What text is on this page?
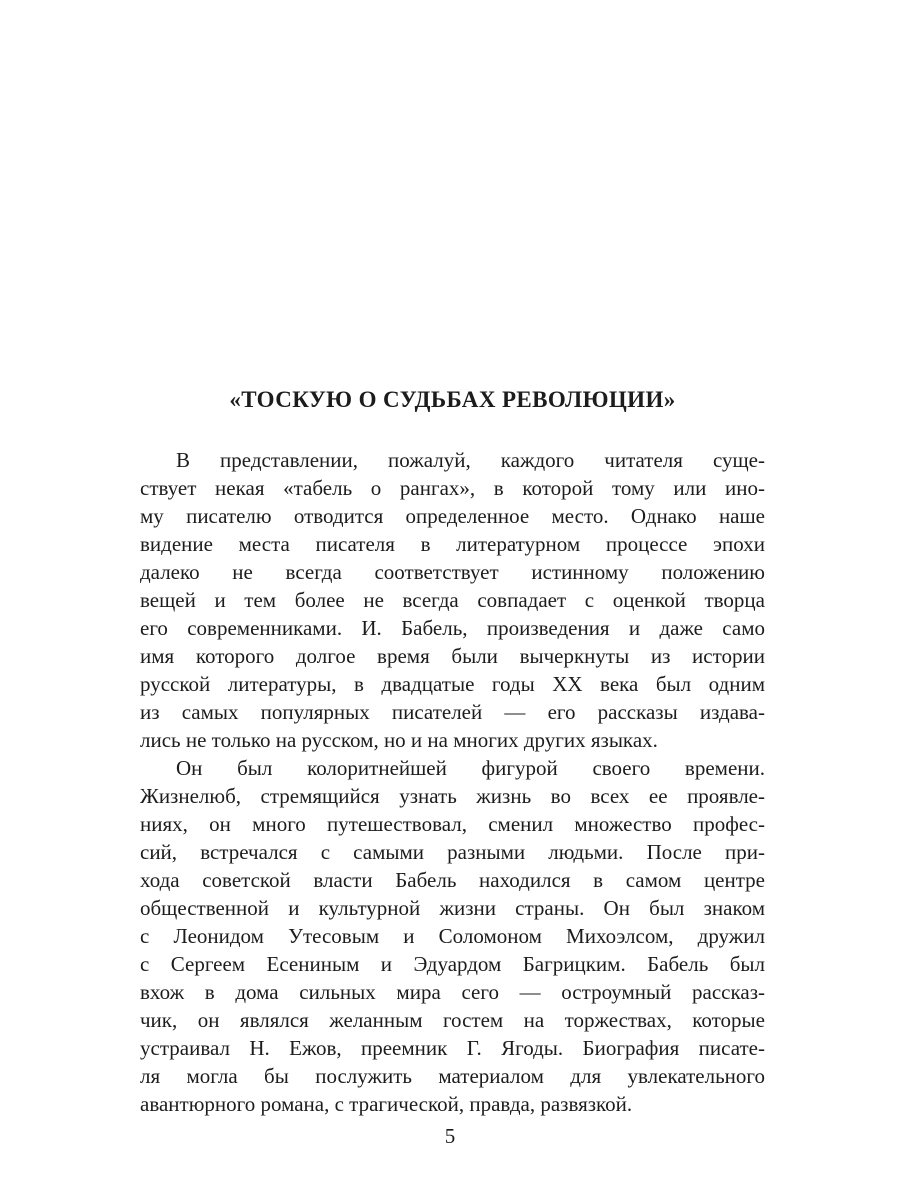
«ТОСКУЮ О СУДЬБАХ РЕВОЛЮЦИИ»
В представлении, пожалуй, каждого читателя суще-
ствует некая «табель о рангах», в которой тому или ино-
му писателю отводится определенное место. Однако наше
видение места писателя в литературном процессе эпохи
далеко не всегда соответствует истинному положению
вещей и тем более не всегда совпадает с оценкой творца
его современниками. И. Бабель, произведения и даже само
имя которого долгое время были вычеркнуты из истории
русской литературы, в двадцатые годы XX века был одним
из самых популярных писателей — его рассказы издава-
лись не только на русском, но и на многих других языках.
Он был колоритнейшей фигурой своего времени.
Жизнелюб, стремящийся узнать жизнь во всех ее проявле-
ниях, он много путешествовал, сменил множество профес-
сий, встречался с самыми разными людьми. После при-
хода советской власти Бабель находился в самом центре
общественной и культурной жизни страны. Он был знаком
с Леонидом Утесовым и Соломоном Михоэлсом, дружил
с Сергеем Есениным и Эдуардом Багрицким. Бабель был
вхож в дома сильных мира сего — остроумный рассказ-
чик, он являлся желанным гостем на торжествах, которые
устраивал Н. Ежов, преемник Г. Ягоды. Биография писате-
ля могла бы послужить материалом для увлекательного
авантюрного романа, с трагической, правда, развязкой.
5
